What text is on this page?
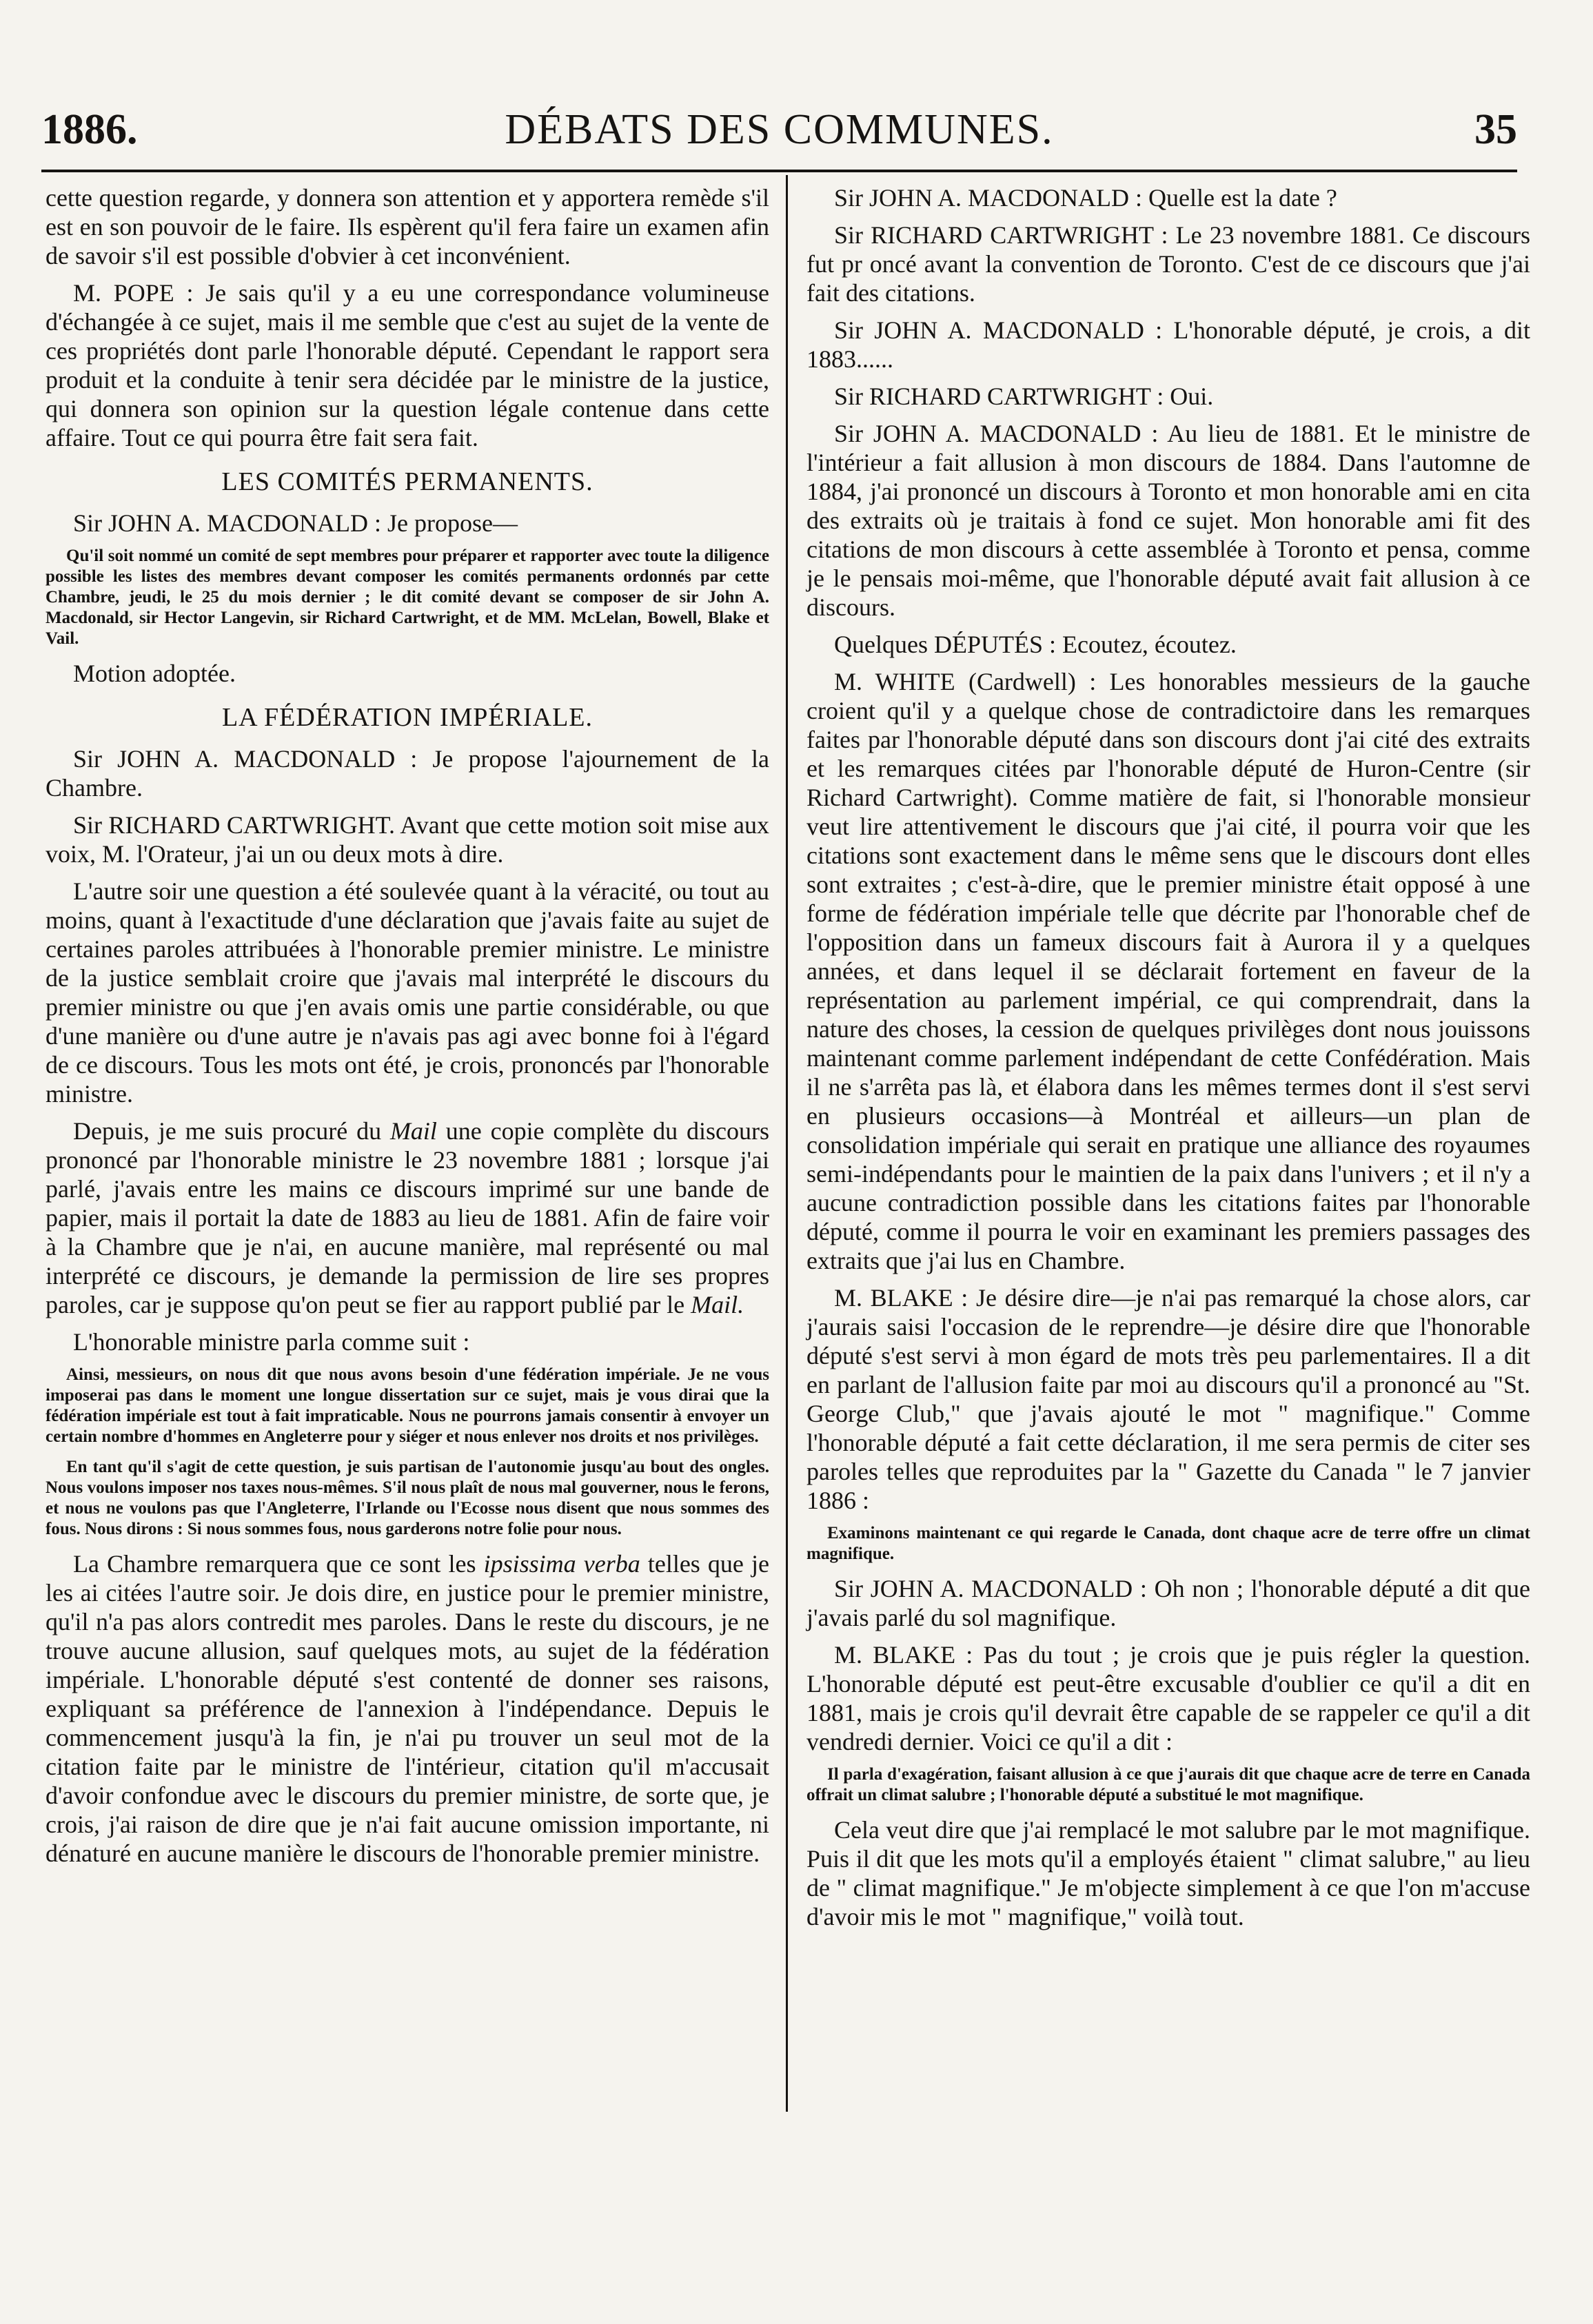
1886.	DÉBATS DES COMMUNES.	35

cette question regarde, y donnera son attention et y apportera remède s'il est en son pouvoir de le faire. Ils espèrent qu'il fera faire un examen afin de savoir s'il est possible d'obvier à cet inconvénient.

M. POPE : Je sais qu'il y a eu une correspondance volumineuse d'échangée à ce sujet, mais il me semble que c'est au sujet de la vente de ces propriétés dont parle l'honorable député. Cependant le rapport sera produit et la conduite à tenir sera décidée par le ministre de la justice, qui donnera son opinion sur la question légale contenue dans cette affaire. Tout ce qui pourra être fait sera fait.

LES COMITÉS PERMANENTS.

Sir JOHN A. MACDONALD : Je propose—

Qu'il soit nommé un comité de sept membres pour préparer et rapporter avec toute la diligence possible les listes des membres devant composer les comités permanents ordonnés par cette Chambre, jeudi, le 25 du mois dernier ; le dit comité devant se composer de sir John A. Macdonald, sir Hector Langevin, sir Richard Cartwright, et de MM. McLelan, Bowell, Blake et Vail.

Motion adoptée.

LA FÉDÉRATION IMPÉRIALE.

Sir JOHN A. MACDONALD : Je propose l'ajournement de la Chambre.

Sir RICHARD CARTWRIGHT. Avant que cette motion soit mise aux voix, M. l'Orateur, j'ai un ou deux mots à dire.

L'autre soir une question a été soulevée quant à la véracité, ou tout au moins, quant à l'exactitude d'une déclaration que j'avais faite au sujet de certaines paroles attribuées à l'honorable premier ministre. Le ministre de la justice semblait croire que j'avais mal interprété le discours du premier ministre ou que j'en avais omis une partie considérable, ou que d'une manière ou d'une autre je n'avais pas agi avec bonne foi à l'égard de ce discours. Tous les mots ont été, je crois, prononcés par l'honorable ministre.

Depuis, je me suis procuré du Mail une copie complète du discours prononcé par l'honorable ministre le 23 novembre 1881 ; lorsque j'ai parlé, j'avais entre les mains ce discours imprimé sur une bande de papier, mais il portait la date de 1883 au lieu de 1881. Afin de faire voir à la Chambre que je n'ai, en aucune manière, mal représenté ou mal interprété ce discours, je demande la permission de lire ses propres paroles, car je suppose qu'on peut se fier au rapport publié par le Mail.

L'honorable ministre parla comme suit :

Ainsi, messieurs, on nous dit que nous avons besoin d'une fédération impériale. Je ne vous imposerai pas dans le moment une longue dissertation sur ce sujet, mais je vous dirai que la fédération impériale est tout à fait impraticable. Nous ne pourrons jamais consentir à envoyer un certain nombre d'hommes en Angleterre pour y siéger et nous enlever nos droits et nos privilèges.

En tant qu'il s'agit de cette question, je suis partisan de l'autonomie jusqu'au bout des ongles. Nous voulons imposer nos taxes nous-mêmes. S'il nous plaît de nous mal gouverner, nous le ferons, et nous ne voulons pas que l'Angleterre, l'Irlande ou l'Ecosse nous disent que nous sommes des fous. Nous dirons : Si nous sommes fous, nous garderons notre folie pour nous.

La Chambre remarquera que ce sont les ipsissima verba telles que je les ai citées l'autre soir. Je dois dire, en justice pour le premier ministre, qu'il n'a pas alors contredit mes paroles. Dans le reste du discours, je ne trouve aucune allusion, sauf quelques mots, au sujet de la fédération impériale. L'honorable député s'est contenté de donner ses raisons, expliquant sa préférence de l'annexion à l'indépendance. Depuis le commencement jusqu'à la fin, je n'ai pu trouver un seul mot de la citation faite par le ministre de l'intérieur, citation qu'il m'accusait d'avoir confondue avec le discours du premier ministre, de sorte que, je crois, j'ai raison de dire que je n'ai fait aucune omission importante, ni dénaturé en aucune manière le discours de l'honorable premier ministre.

Sir JOHN A. MACDONALD : Quelle est la date ?

Sir RICHARD CARTWRIGHT : Le 23 novembre 1881. Ce discours fut pr oncé avant la convention de Toronto. C'est de ce discours que j'ai fait des citations.

Sir JOHN A. MACDONALD : L'honorable député, je crois, a dit 1883......

Sir RICHARD CARTWRIGHT : Oui.

Sir JOHN A. MACDONALD : Au lieu de 1881. Et le ministre de l'intérieur a fait allusion à mon discours de 1884. Dans l'automne de 1884, j'ai prononcé un discours à Toronto et mon honorable ami en cita des extraits où je traitais à fond ce sujet. Mon honorable ami fit des citations de mon discours à cette assemblée à Toronto et pensa, comme je le pensais moi-même, que l'honorable député avait fait allusion à ce discours.

Quelques DÉPUTÉS : Ecoutez, écoutez.

M. WHITE (Cardwell) : Les honorables messieurs de la gauche croient qu'il y a quelque chose de contradictoire dans les remarques faites par l'honorable député dans son discours dont j'ai cité des extraits et les remarques citées par l'honorable député de Huron-Centre (sir Richard Cartwright). Comme matière de fait, si l'honorable monsieur veut lire attentivement le discours que j'ai cité, il pourra voir que les citations sont exactement dans le même sens que le discours dont elles sont extraites ; c'est-à-dire, que le premier ministre était opposé à une forme de fédération impériale telle que décrite par l'honorable chef de l'opposition dans un fameux discours fait à Aurora il y a quelques années, et dans lequel il se déclarait fortement en faveur de la représentation au parlement impérial, ce qui comprendrait, dans la nature des choses, la cession de quelques privilèges dont nous jouissons maintenant comme parlement indépendant de cette Confédération. Mais il ne s'arrêta pas là, et élabora dans les mêmes termes dont il s'est servi en plusieurs occasions—à Montréal et ailleurs—un plan de consolidation impériale qui serait en pratique une alliance des royaumes semi-indépendants pour le maintien de la paix dans l'univers ; et il n'y a aucune contradiction possible dans les citations faites par l'honorable député, comme il pourra le voir en examinant les premiers passages des extraits que j'ai lus en Chambre.

M. BLAKE : Je désire dire—je n'ai pas remarqué la chose alors, car j'aurais saisi l'occasion de le reprendre—je désire dire que l'honorable député s'est servi à mon égard de mots très peu parlementaires. Il a dit en parlant de l'allusion faite par moi au discours qu'il a prononcé au "St. George Club," que j'avais ajouté le mot " magnifique." Comme l'honorable député a fait cette déclaration, il me sera permis de citer ses paroles telles que reproduites par la " Gazette du Canada " le 7 janvier 1886 :

Examinons maintenant ce qui regarde le Canada, dont chaque acre de terre offre un climat magnifique.

Sir JOHN A. MACDONALD : Oh non ; l'honorable député a dit que j'avais parlé du sol magnifique.

M. BLAKE : Pas du tout ; je crois que je puis régler la question. L'honorable député est peut-être excusable d'oublier ce qu'il a dit en 1881, mais je crois qu'il devrait être capable de se rappeler ce qu'il a dit vendredi dernier. Voici ce qu'il a dit :

Il parla d'exagération, faisant allusion à ce que j'aurais dit que chaque acre de terre en Canada offrait un climat salubre ; l'honorable député a substitué le mot magnifique.

Cela veut dire que j'ai remplacé le mot salubre par le mot magnifique. Puis il dit que les mots qu'il a employés étaient " climat salubre," au lieu de " climat magnifique." Je m'objecte simplement à ce que l'on m'accuse d'avoir mis le mot " magnifique," voilà tout.
